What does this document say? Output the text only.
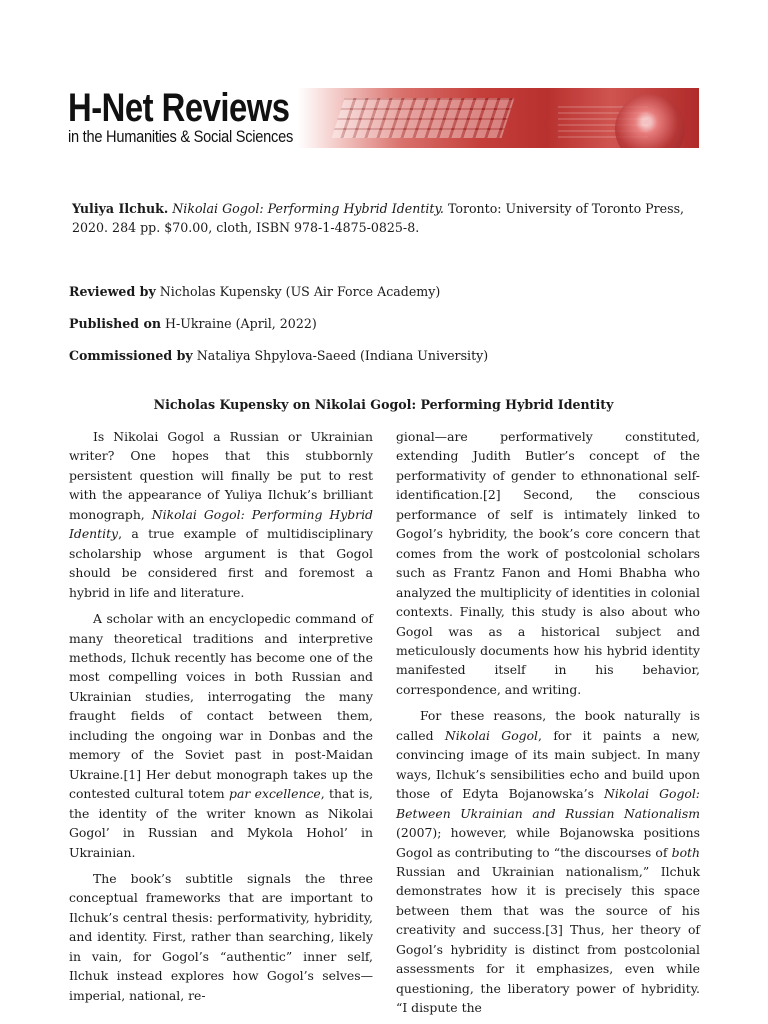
H-Net Reviews
in the Humanities & Social Sciences
Yuliya Ilchuk. Nikolai Gogol: Performing Hybrid Identity. Toronto: University of Toronto Press, 2020. 284 pp. $70.00, cloth, ISBN 978-1-4875-0825-8.
Reviewed by Nicholas Kupensky (US Air Force Academy)
Published on H-Ukraine (April, 2022)
Commissioned by Nataliya Shpylova-Saeed (Indiana University)
Nicholas Kupensky on Nikolai Gogol: Performing Hybrid Identity

Is Nikolai Gogol a Russian or Ukrainian writer? One hopes that this stubbornly persistent question will finally be put to rest with the appearance of Yuliya Ilchuk’s brilliant monograph, Nikolai Gogol: Performing Hybrid Identity, a true example of multidisciplinary scholarship whose argument is that Gogol should be considered first and foremost a hybrid in life and literature.

A scholar with an encyclopedic command of many theoretical traditions and interpretive methods, Ilchuk recently has become one of the most compelling voices in both Russian and Ukrainian studies, interrogating the many fraught fields of contact between them, including the ongoing war in Donbas and the memory of the Soviet past in post-Maidan Ukraine.[1] Her debut monograph takes up the contested cultural totem par excellence, that is, the identity of the writer known as Nikolai Gogol’ in Russian and Mykola Hohol’ in Ukrainian.

The book’s subtitle signals the three conceptual frameworks that are important to Ilchuk’s central thesis: performativity, hybridity, and identity. First, rather than searching, likely in vain, for Gogol’s “authentic” inner self, Ilchuk instead explores how Gogol’s selves—imperial, national, re-

gional—are performatively constituted, extending Judith Butler’s concept of the performativity of gender to ethnonational self-identification.[2] Second, the conscious performance of self is intimately linked to Gogol’s hybridity, the book’s core concern that comes from the work of postcolonial scholars such as Frantz Fanon and Homi Bhabha who analyzed the multiplicity of identities in colonial contexts. Finally, this study is also about who Gogol was as a historical subject and meticulously documents how his hybrid identity manifested itself in his behavior, correspondence, and writing.

For these reasons, the book naturally is called Nikolai Gogol, for it paints a new, convincing image of its main subject. In many ways, Ilchuk’s sensibilities echo and build upon those of Edyta Bojanowska’s Nikolai Gogol: Between Ukrainian and Russian Nationalism (2007); however, while Bojanowska positions Gogol as contributing to “the discourses of both Russian and Ukrainian nationalism,” Ilchuk demonstrates how it is precisely this space between them that was the source of his creativity and success.[3] Thus, her theory of Gogol’s hybridity is distinct from postcolonial assessments for it emphasizes, even while questioning, the liberatory power of hybridity. “I dispute the
